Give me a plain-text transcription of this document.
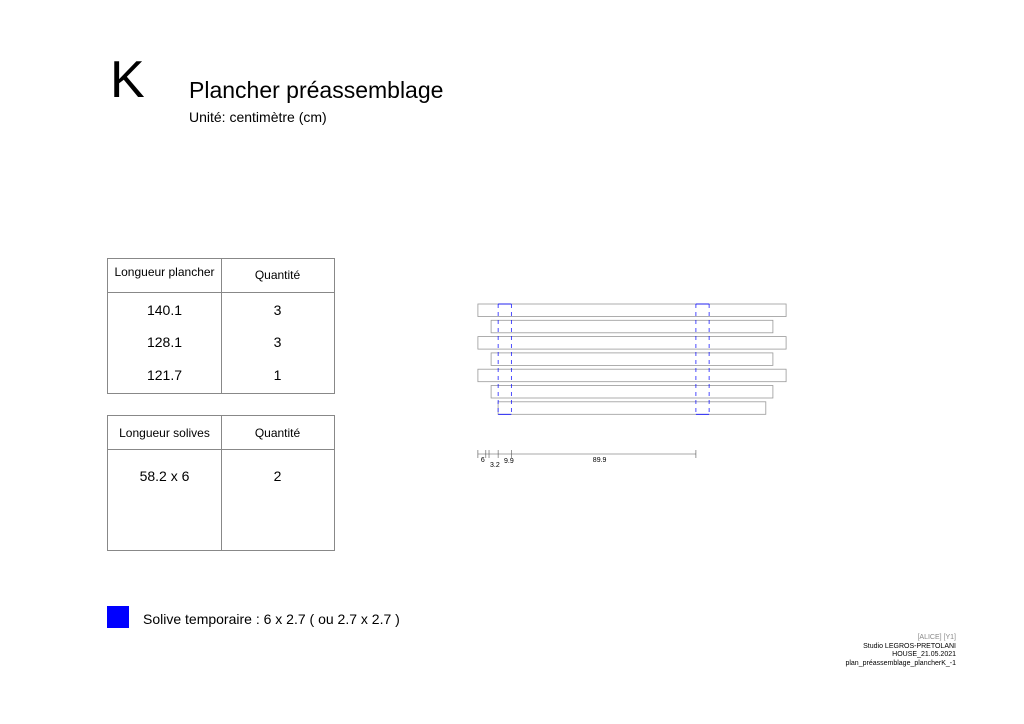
K Plancher préassemblage
Unité: centimètre (cm)
Longueur plancher	Quantité
140.1	3
128.1	3
121.7	1
Longueur solives	Quantité
58.2 x 6	2
Solive temporaire : 6 x 2.7 ( ou 2.7 x 2.7 )
6
3.2
9.9	89.9
[ALICE] [Y1]
Studio LEGROS-PRETOLANI
HOUSE_21.05.2021
plan_préassemblage_plancherK_-1
